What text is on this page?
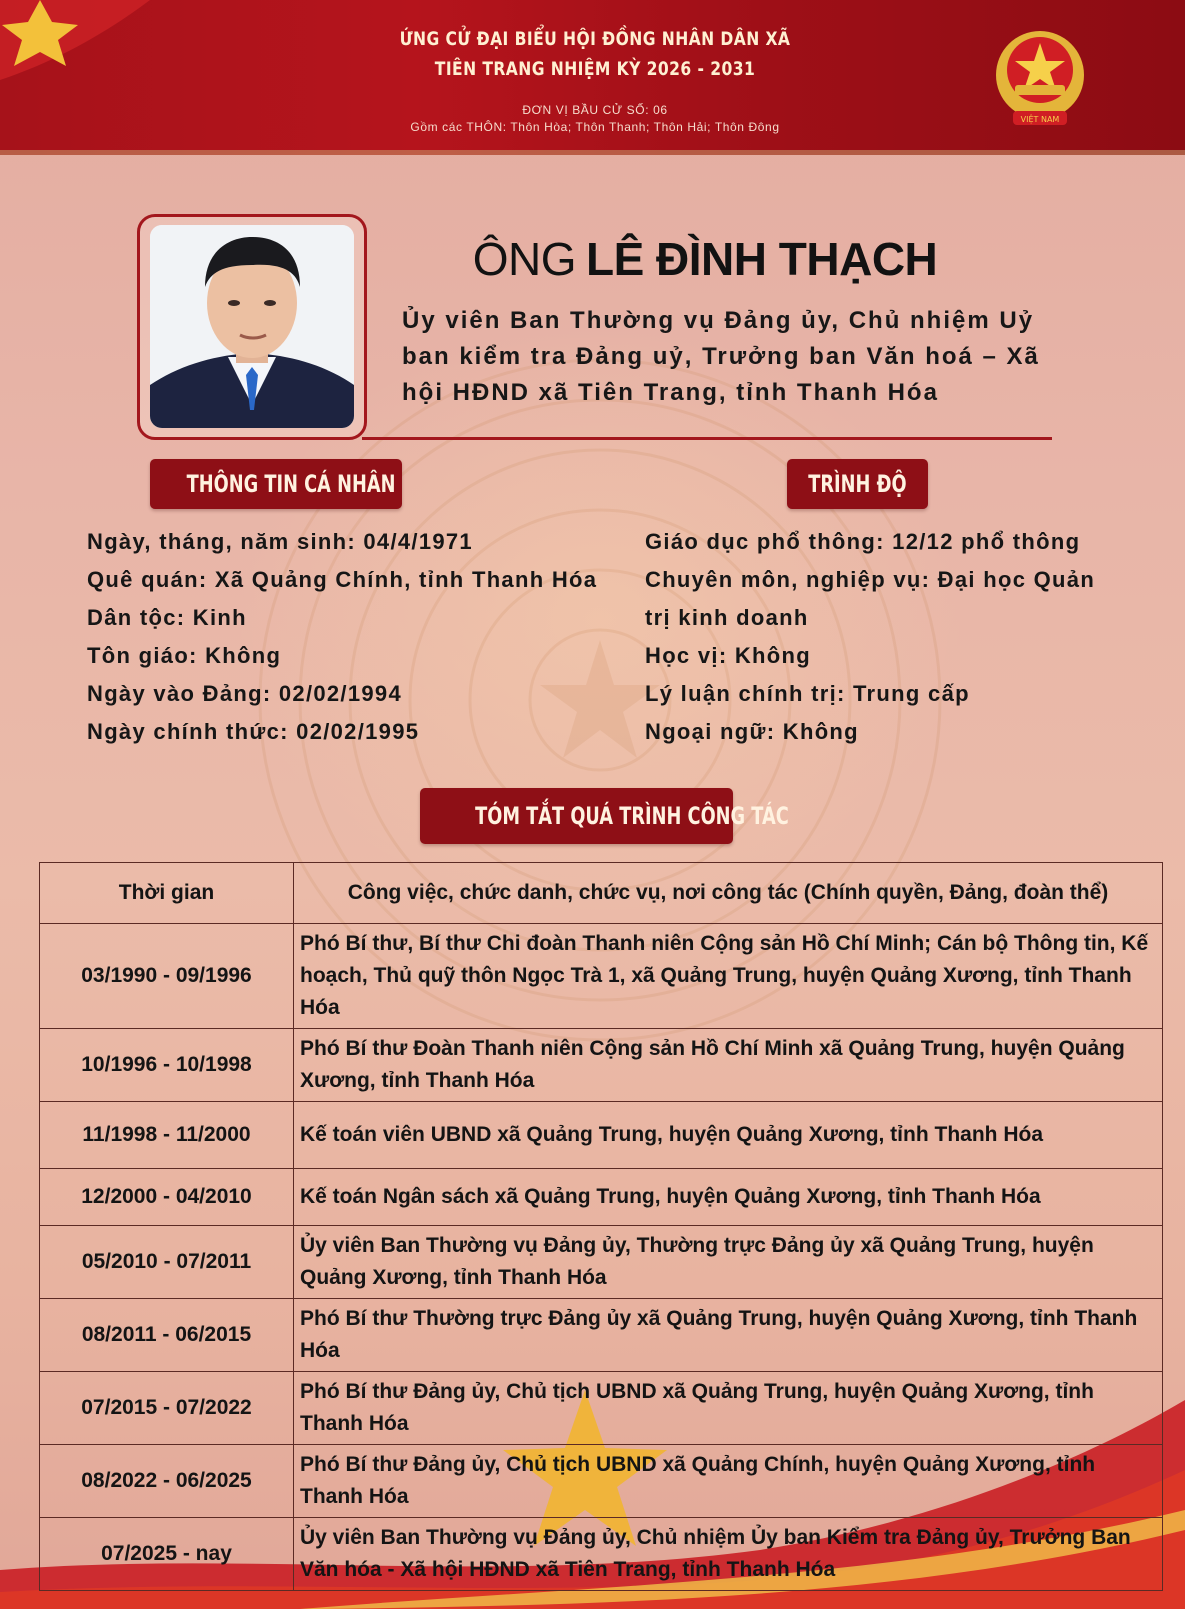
ỨNG CỬ ĐẠI BIỂU HỘI ĐỒNG NHÂN DÂN XÃ
TIÊN TRANG NHIỆM KỲ 2026 - 2031
ĐƠN VỊ BẦU CỬ SỐ: 06
Gồm các THÔN: Thôn Hòa; Thôn Thanh; Thôn Hải; Thôn Đông
VIỆT NAM
ÔNG LÊ ĐÌNH THẠCH
Ủy viên Ban Thường vụ Đảng ủy, Chủ nhiệm Uỷ ban kiểm tra Đảng uỷ, Trưởng ban Văn hoá – Xã hội HĐND xã Tiên Trang, tỉnh Thanh Hóa
THÔNG TIN CÁ NHÂN	TRÌNH ĐỘ
Ngày, tháng, năm sinh: 04/4/1971
Quê quán: Xã Quảng Chính, tỉnh Thanh Hóa
Dân tộc: Kinh
Tôn giáo: Không
Ngày vào Đảng: 02/02/1994
Ngày chính thức: 02/02/1995
Giáo dục phổ thông: 12/12 phổ thông
Chuyên môn, nghiệp vụ: Đại học Quản
trị kinh doanh
Học vị: Không
Lý luận chính trị: Trung cấp
Ngoại ngữ: Không
TÓM TẮT QUÁ TRÌNH CÔNG TÁC
Thời gian	Công việc, chức danh, chức vụ, nơi công tác (Chính quyền, Đảng, đoàn thể)
03/1990 - 09/1996	Phó Bí thư, Bí thư Chi đoàn Thanh niên Cộng sản Hồ Chí Minh; Cán bộ Thông tin, Kế hoạch, Thủ quỹ thôn Ngọc Trà 1, xã Quảng Trung, huyện Quảng Xương, tỉnh Thanh Hóa
10/1996 - 10/1998	Phó Bí thư Đoàn Thanh niên Cộng sản Hồ Chí Minh xã Quảng Trung, huyện Quảng Xương, tỉnh Thanh Hóa
11/1998 - 11/2000	Kế toán viên UBND xã Quảng Trung, huyện Quảng Xương, tỉnh Thanh Hóa
12/2000 - 04/2010	Kế toán Ngân sách xã Quảng Trung, huyện Quảng Xương, tỉnh Thanh Hóa
05/2010 - 07/2011	Ủy viên Ban Thường vụ Đảng ủy, Thường trực Đảng ủy xã Quảng Trung, huyện Quảng Xương, tỉnh Thanh Hóa
08/2011 - 06/2015	Phó Bí thư Thường trực Đảng ủy xã Quảng Trung, huyện Quảng Xương, tỉnh Thanh Hóa
07/2015 - 07/2022	Phó Bí thư Đảng ủy, Chủ tịch UBND xã Quảng Trung, huyện Quảng Xương, tỉnh Thanh Hóa
08/2022 - 06/2025	Phó Bí thư Đảng ủy, Chủ tịch UBND xã Quảng Chính, huyện Quảng Xương, tỉnh Thanh Hóa
07/2025 - nay	Ủy viên Ban Thường vụ Đảng ủy, Chủ nhiệm Ủy ban Kiểm tra Đảng ủy, Trưởng Ban Văn hóa - Xã hội HĐND xã Tiên Trang, tỉnh Thanh Hóa
